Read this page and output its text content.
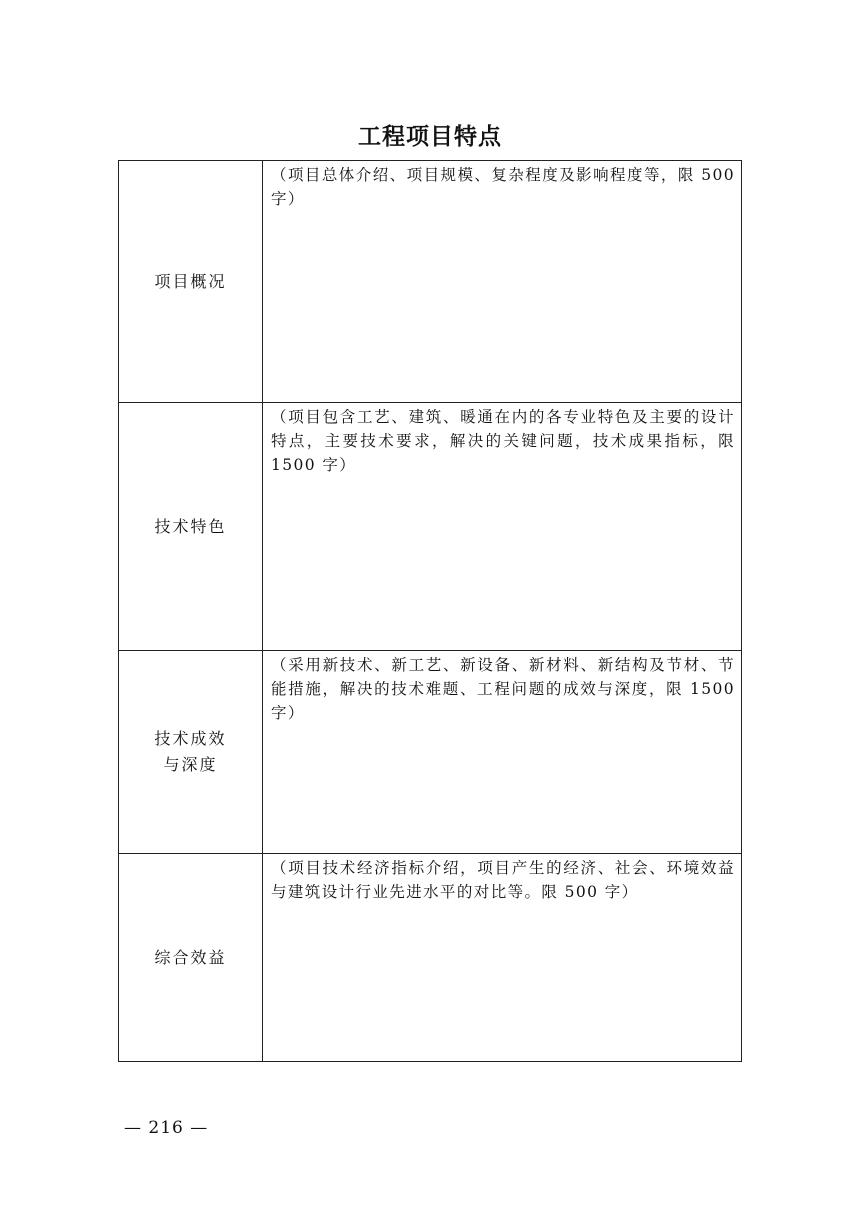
工程项目特点
项目概况	（项目总体介绍、项目规模、复杂程度及影响程度等，限 500 字）
技术特色	（项目包含工艺、建筑、暖通在内的各专业特色及主要的设计特点，主要技术要求，解决的关键问题，技术成果指标，限 1500 字）

技术成效
与深度	（采用新技术、新工艺、新设备、新材料、新结构及节材、节能措施，解决的技术难题、工程问题的成效与深度，限 1500 字）
综合效益	（项目技术经济指标介绍，项目产生的经济、社会、环境效益与建筑设计行业先进水平的对比等。限 500 字）
— 216 —
